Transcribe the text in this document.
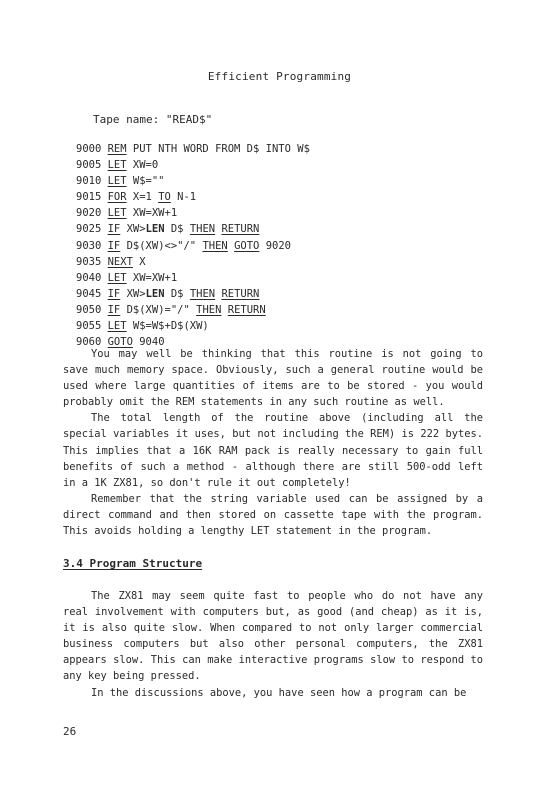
Efficient Programming
Tape name: "READ$"
9000 REM PUT NTH WORD FROM D$ INTO W$
9005 LET XW=0
9010 LET W$=""
9015 FOR X=1 TO N-1
9020 LET XW=XW+1
9025 IF XW>LEN D$ THEN RETURN
9030 IF D$(XW)<>"/" THEN GOTO 9020
9035 NEXT X
9040 LET XW=XW+1
9045 IF XW>LEN D$ THEN RETURN
9050 IF D$(XW)="/" THEN RETURN
9055 LET W$=W$+D$(XW)
9060 GOTO 9040

You may well be thinking that this routine is not going to save much memory space. Obviously, such a general routine would be used where large quantities of items are to be stored - you would probably omit the REM statements in any such routine as well.

The total length of the routine above (including all the special variables it uses, but not including the REM) is 222 bytes. This implies that a 16K RAM pack is really necessary to gain full benefits of such a method - although there are still 500-odd left in a 1K ZX81, so don't rule it out completely!

Remember that the string variable used can be assigned by a direct command and then stored on cassette tape with the program. This avoids holding a lengthy LET statement in the program.

3.4 Program Structure

The ZX81 may seem quite fast to people who do not have any real involvement with computers but, as good (and cheap) as it is, it is also quite slow. When compared to not only larger commercial business computers but also other personal computers, the ZX81 appears slow. This can make interactive programs slow to respond to any key being pressed.

In the discussions above, you have seen how a program can be

26
